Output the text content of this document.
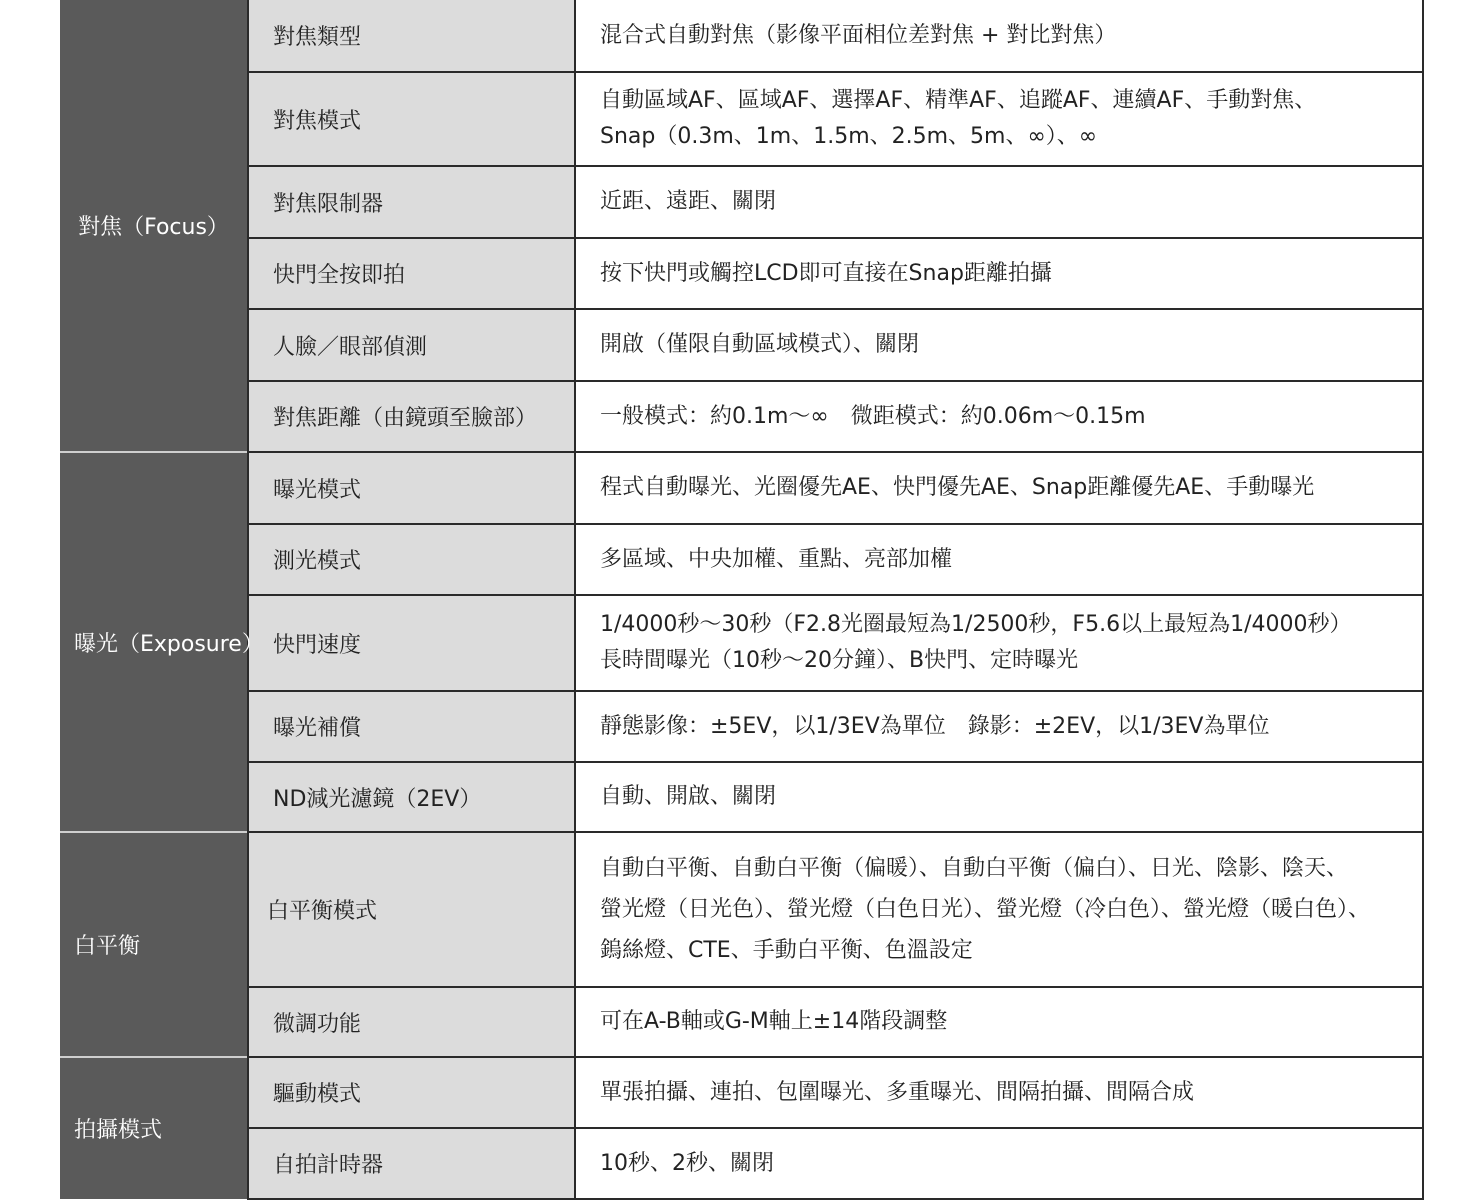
對焦（Focus）	對焦類型	混合式自動對焦（影像平面相位差對焦 + 對比對焦）

	對焦模式	自動區域AF、區域AF、選擇AF、精準AF、追蹤AF、連續AF、手動對焦、
Snap（0.3m、1m、1.5m、2.5m、5m、∞）、∞

	對焦限制器	近距、遠距、關閉

	快門全按即拍	按下快門或觸控LCD即可直接在Snap距離拍攝

	人臉／眼部偵測	開啟（僅限自動區域模式）、關閉

	對焦距離（由鏡頭至臉部）	一般模式：約0.1m～∞　微距模式：約0.06m～0.15m

曝光（Exposure）	曝光模式	程式自動曝光、光圈優先AE、快門優先AE、Snap距離優先AE、手動曝光

	測光模式	多區域、中央加權、重點、亮部加權

	快門速度	1/4000秒～30秒（F2.8光圈最短為1/2500秒，F5.6以上最短為1/4000秒）
長時間曝光（10秒～20分鐘）、B快門、定時曝光

	曝光補償	靜態影像：±5EV，以1/3EV為單位　錄影：±2EV，以1/3EV為單位

	ND減光濾鏡（2EV）	自動、開啟、關閉

白平衡	白平衡模式	自動白平衡、自動白平衡（偏暖）、自動白平衡（偏白）、日光、陰影、陰天、
螢光燈（日光色）、螢光燈（白色日光）、螢光燈（冷白色）、螢光燈（暖白色）、
鎢絲燈、CTE、手動白平衡、色溫設定

	微調功能	可在A-B軸或G-M軸上±14階段調整

拍攝模式	驅動模式	單張拍攝、連拍、包圍曝光、多重曝光、間隔拍攝、間隔合成

	自拍計時器	10秒、2秒、關閉
